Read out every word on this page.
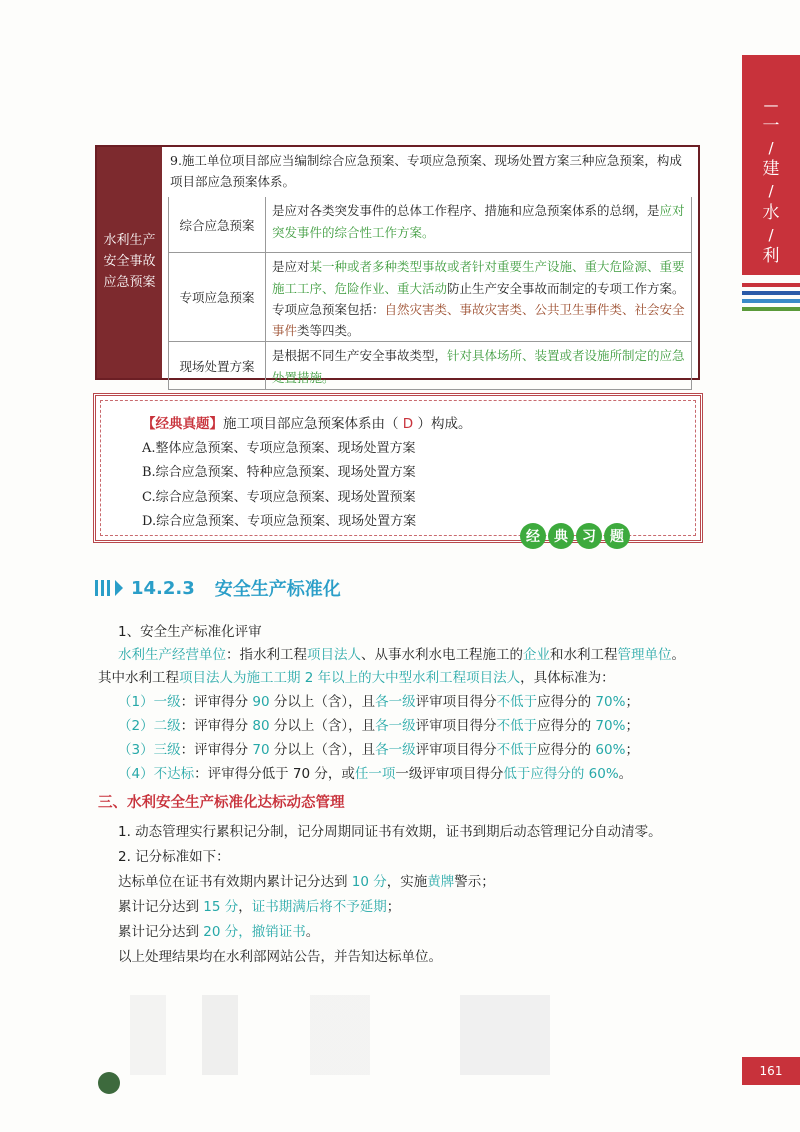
—
一
/
建
/
水
/
利
水利生产安全事故应急预案
9.施工单位项目部应当编制综合应急预案、专项应急预案、现场处置方案三种应急预案，构成项目部应急预案体系。
综合应急预案
是应对各类突发事件的总体工作程序、措施和应急预案体系的总纲，是应对突发事件的综合性工作方案。
专项应急预案
是应对某一种或者多种类型事故或者针对重要生产设施、重大危险源、重要施工工序、危险作业、重大活动防止生产安全事故而制定的专项工作方案。专项应急预案包括：自然灾害类、事故灾害类、公共卫生事件类、社会安全事件类等四类。
现场处置方案
是根据不同生产安全事故类型，针对具体场所、装置或者设施所制定的应急处置措施。
【经典真题】施工项目部应急预案体系由（ D ）构成。
A.整体应急预案、专项应急预案、现场处置方案
B.综合应急预案、特种应急预案、现场处置方案
C.综合应急预案、专项应急预案、现场处置预案
D.综合应急预案、专项应急预案、现场处置方案
经	典	习	题
14.2.3 安全生产标准化
1、安全生产标准化评审
水利生产经营单位：指水利工程项目法人、从事水利水电工程施工的企业和水利工程管理单位。
其中水利工程项目法人为施工工期 2 年以上的大中型水利工程项目法人，具体标准为：
（1）一级：评审得分 90 分以上（含），且各一级评审项目得分不低于应得分的 70%；
（2）二级：评审得分 80 分以上（含），且各一级评审项目得分不低于应得分的 70%；
（3）三级：评审得分 70 分以上（含），且各一级评审项目得分不低于应得分的 60%；
（4）不达标：评审得分低于 70 分，或任一项一级评审项目得分低于应得分的 60%。
三、水利安全生产标准化达标动态管理
1. 动态管理实行累积记分制，记分周期同证书有效期，证书到期后动态管理记分自动清零。
2. 记分标准如下：
达标单位在证书有效期内累计记分达到 10 分，实施黄牌警示；
累计记分达到 15 分，证书期满后将不予延期；
累计记分达到 20 分，撤销证书。
以上处理结果均在水利部网站公告，并告知达标单位。
161
